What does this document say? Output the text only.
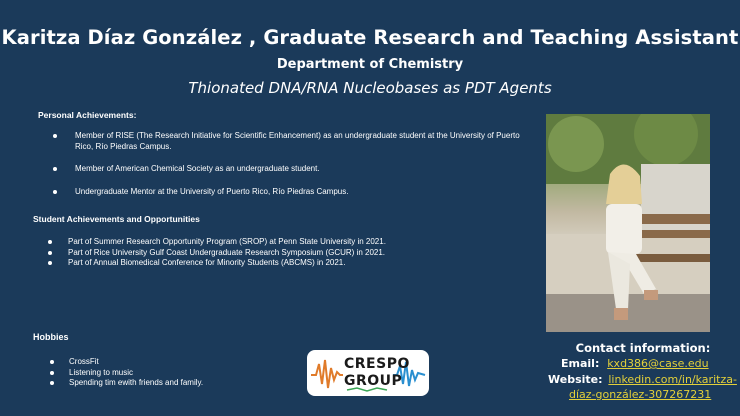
Karitza Díaz González , Graduate Research and Teaching Assistant
Department of Chemistry
Thionated DNA/RNA Nucleobases as PDT Agents
Personal Achievements:
Member of RISE (The Research Initiative for Scientific Enhancement) as an undergraduate student at the University of Puerto Rico, Río Piedras Campus.
Member of American Chemical Society as an undergraduate student.
Undergraduate Mentor at the University of Puerto Rico, Río Piedras Campus.
Student Achievements and Opportunities
Part of Summer Research Opportunity Program (SROP) at Penn State University in 2021.
Part of Rice University Gulf Coast Undergraduate Research Symposium (GCUR) in 2021.
Part of Annual Biomedical Conference for Minority Students (ABCMS) in 2021.
Hobbies
CrossFit
Listening to music
Spending tim ewith friends and family.
CRESPO
GROUP
Contact information:
Email: kxd386@case.edu
Website: linkedin.com/in/karitza-
díaz-gonzález-307267231
